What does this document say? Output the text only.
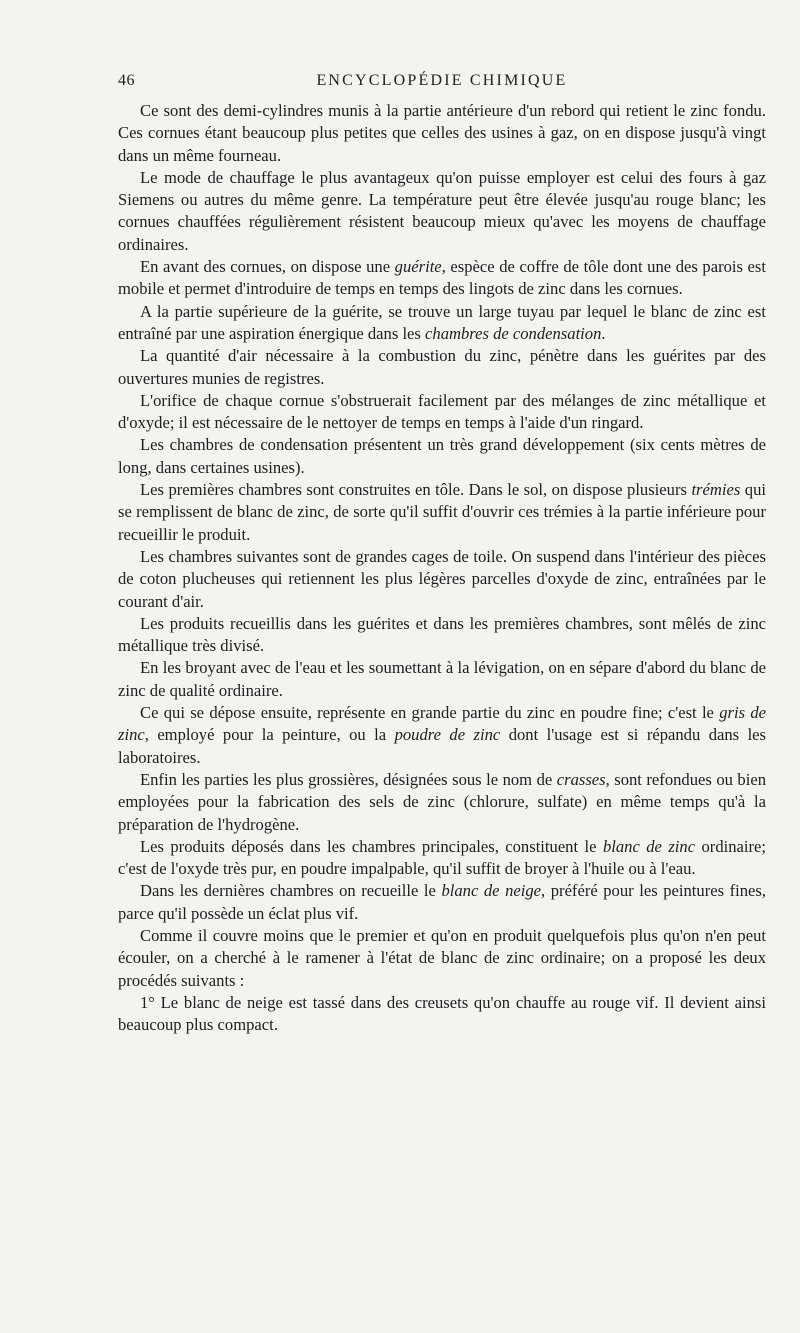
46	ENCYCLOPÉDIE CHIMIQUE

Ce sont des demi-cylindres munis à la partie antérieure d'un rebord qui retient le zinc fondu. Ces cornues étant beaucoup plus petites que celles des usines à gaz, on en dispose jusqu'à vingt dans un même fourneau.

Le mode de chauffage le plus avantageux qu'on puisse employer est celui des fours à gaz Siemens ou autres du même genre. La température peut être élevée jusqu'au rouge blanc; les cornues chauffées régulièrement résistent beaucoup mieux qu'avec les moyens de chauffage ordinaires.

En avant des cornues, on dispose une guérite, espèce de coffre de tôle dont une des parois est mobile et permet d'introduire de temps en temps des lingots de zinc dans les cornues.

A la partie supérieure de la guérite, se trouve un large tuyau par lequel le blanc de zinc est entraîné par une aspiration énergique dans les chambres de condensation.

La quantité d'air nécessaire à la combustion du zinc, pénètre dans les guérites par des ouvertures munies de registres.

L'orifice de chaque cornue s'obstruerait facilement par des mélanges de zinc métallique et d'oxyde; il est nécessaire de le nettoyer de temps en temps à l'aide d'un ringard.

Les chambres de condensation présentent un très grand développement (six cents mètres de long, dans certaines usines).

Les premières chambres sont construites en tôle. Dans le sol, on dispose plusieurs trémies qui se remplissent de blanc de zinc, de sorte qu'il suffit d'ouvrir ces trémies à la partie inférieure pour recueillir le produit.

Les chambres suivantes sont de grandes cages de toile. On suspend dans l'intérieur des pièces de coton plucheuses qui retiennent les plus légères parcelles d'oxyde de zinc, entraînées par le courant d'air.

Les produits recueillis dans les guérites et dans les premières chambres, sont mêlés de zinc métallique très divisé.

En les broyant avec de l'eau et les soumettant à la lévigation, on en sépare d'abord du blanc de zinc de qualité ordinaire.

Ce qui se dépose ensuite, représente en grande partie du zinc en poudre fine; c'est le gris de zinc, employé pour la peinture, ou la poudre de zinc dont l'usage est si répandu dans les laboratoires.

Enfin les parties les plus grossières, désignées sous le nom de crasses, sont refondues ou bien employées pour la fabrication des sels de zinc (chlorure, sulfate) en même temps qu'à la préparation de l'hydrogène.

Les produits déposés dans les chambres principales, constituent le blanc de zinc ordinaire; c'est de l'oxyde très pur, en poudre impalpable, qu'il suffit de broyer à l'huile ou à l'eau.

Dans les dernières chambres on recueille le blanc de neige, préféré pour les peintures fines, parce qu'il possède un éclat plus vif.

Comme il couvre moins que le premier et qu'on en produit quelquefois plus qu'on n'en peut écouler, on a cherché à le ramener à l'état de blanc de zinc ordinaire; on a proposé les deux procédés suivants :

1° Le blanc de neige est tassé dans des creusets qu'on chauffe au rouge vif. Il devient ainsi beaucoup plus compact.
